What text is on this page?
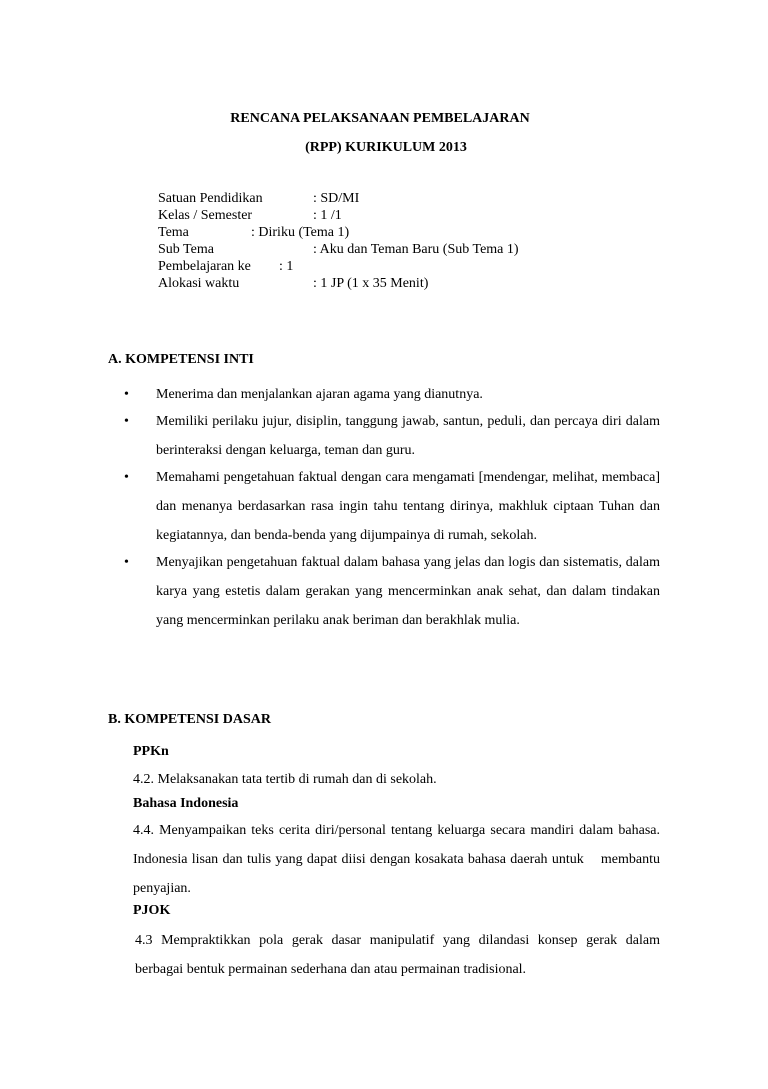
RENCANA PELAKSANAAN PEMBELAJARAN
(RPP) KURIKULUM 2013
Satuan Pendidikan	: SD/MI
Kelas / Semester	: 1 /1
Tema	: Diriku (Tema 1)
Sub Tema	: Aku dan Teman Baru (Sub Tema 1)
Pembelajaran ke : 1
Alokasi waktu	: 1 JP (1 x 35 Menit)
A. KOMPETENSI INTI
• Menerima dan menjalankan ajaran agama yang dianutnya.
• Memiliki perilaku jujur, disiplin, tanggung jawab, santun, peduli, dan percaya diri dalam berinteraksi dengan keluarga, teman dan guru.
• Memahami pengetahuan faktual dengan cara mengamati [mendengar, melihat, membaca] dan menanya berdasarkan rasa ingin tahu tentang dirinya, makhluk ciptaan Tuhan dan kegiatannya, dan benda-benda yang dijumpainya di rumah, sekolah.
• Menyajikan pengetahuan faktual dalam bahasa yang jelas dan logis dan sistematis, dalam karya yang estetis dalam gerakan yang mencerminkan anak sehat, dan dalam tindakan yang mencerminkan perilaku anak beriman dan berakhlak mulia.
B. KOMPETENSI DASAR
PPKn
4.2. Melaksanakan tata tertib di rumah dan di sekolah.
Bahasa Indonesia
4.4. Menyampaikan teks cerita diri/personal tentang keluarga secara mandiri dalam bahasa. Indonesia lisan dan tulis yang dapat diisi dengan kosakata bahasa daerah untuk    membantu penyajian.
PJOK
4.3 Mempraktikkan pola gerak dasar manipulatif yang dilandasi konsep gerak dalam    berbagai bentuk permainan sederhana dan atau permainan tradisional.
